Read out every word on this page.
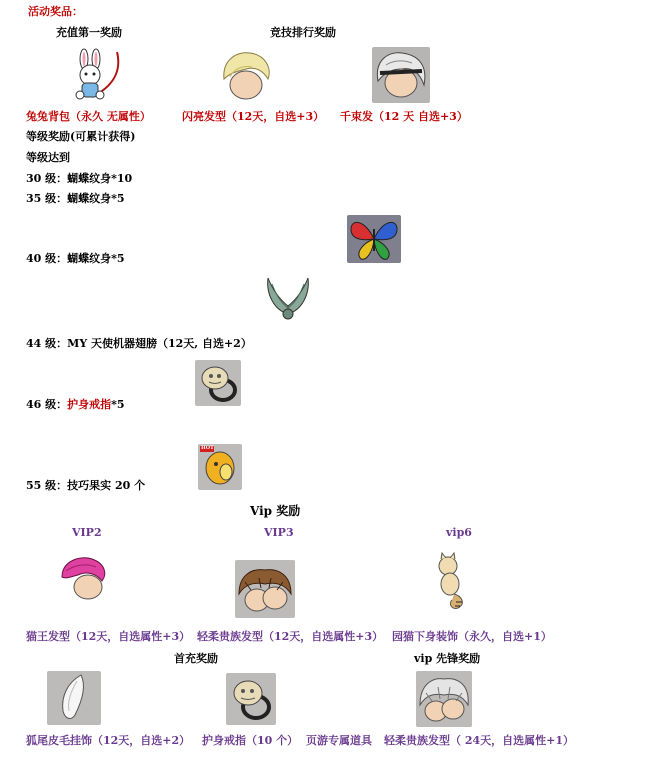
活动奖品：
充值第一奖励	竞技排行奖励
兔兔背包（永久 无属性）	闪亮发型（12天，自选+3） 千束发（12 天 自选+3）
等级奖励(可累计获得)
等级达到
30 级：蝴蝶纹身*10
35 级：蝴蝶纹身*5
40 级：蝴蝶纹身*5
44 级：MY 天使机器翅膀（12天, 自选+2）
46 级：护身戒指*5
HOT
55 级：技巧果实 20 个
Vip 奖励
VIP2	VIP3	vip6
猫王发型（12天，自选属性+3） 轻柔贵族发型（12天，自选属性+3） 园猫下身装饰（永久，自选+1）
首充奖励	vip 先锋奖励
狐尾皮毛挂饰（12天，自选+2） 护身戒指（10 个） 页游专属道具 轻柔贵族发型（ 24天，自选属性+1）
